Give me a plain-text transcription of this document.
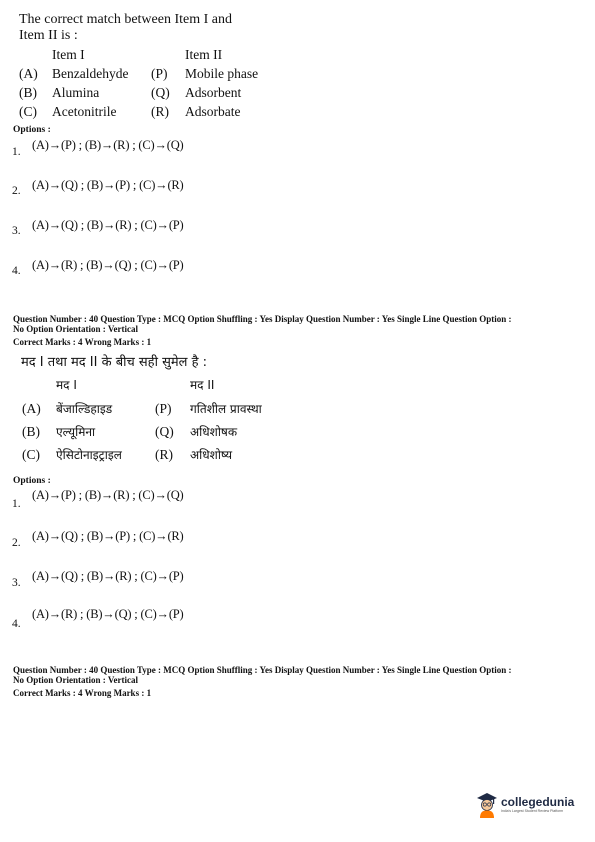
The correct match between Item I and
Item II is :
Item I	Item II
(A) Benzaldehyde (P) Mobile phase
(B) Alumina	(Q) Adsorbent
(C) Acetonitrile	(R) Adsorbate
Options :
1. (A)→(P) ; (B)→(R) ; (C)→(Q)
2. (A)→(Q) ; (B)→(P) ; (C)→(R)
3. (A)→(Q) ; (B)→(R) ; (C)→(P)
4. (A)→(R) ; (B)→(Q) ; (C)→(P)
Question Number : 40 Question Type : MCQ Option Shuffling : Yes Display Question Number : Yes Single Line Question Option :
No Option Orientation : Vertical
Correct Marks : 4 Wrong Marks : 1
मद I तथा मद II के बीच सही सुमेल है :
मद I	मद II
(A) बेंजाल्डिहाइड	(P) गतिशील प्रावस्था
(B) एल्यूमिना	(Q) अधिशोषक
(C) ऐसिटोनाइट्राइल (R) अधिशोष्य
Options :
1.
(A)→(P) ; (B)→(R) ; (C)→(Q)
2. (A)→(Q) ; (B)→(P) ; (C)→(R)
3. (A)→(Q) ; (B)→(R) ; (C)→(P)
4.
(A)→(R) ; (B)→(Q) ; (C)→(P)
Question Number : 40 Question Type : MCQ Option Shuffling : Yes Display Question Number : Yes Single Line Question Option :
No Option Orientation : Vertical
Correct Marks : 4 Wrong Marks : 1
collegedunia
India's Largest Student Review Platform
